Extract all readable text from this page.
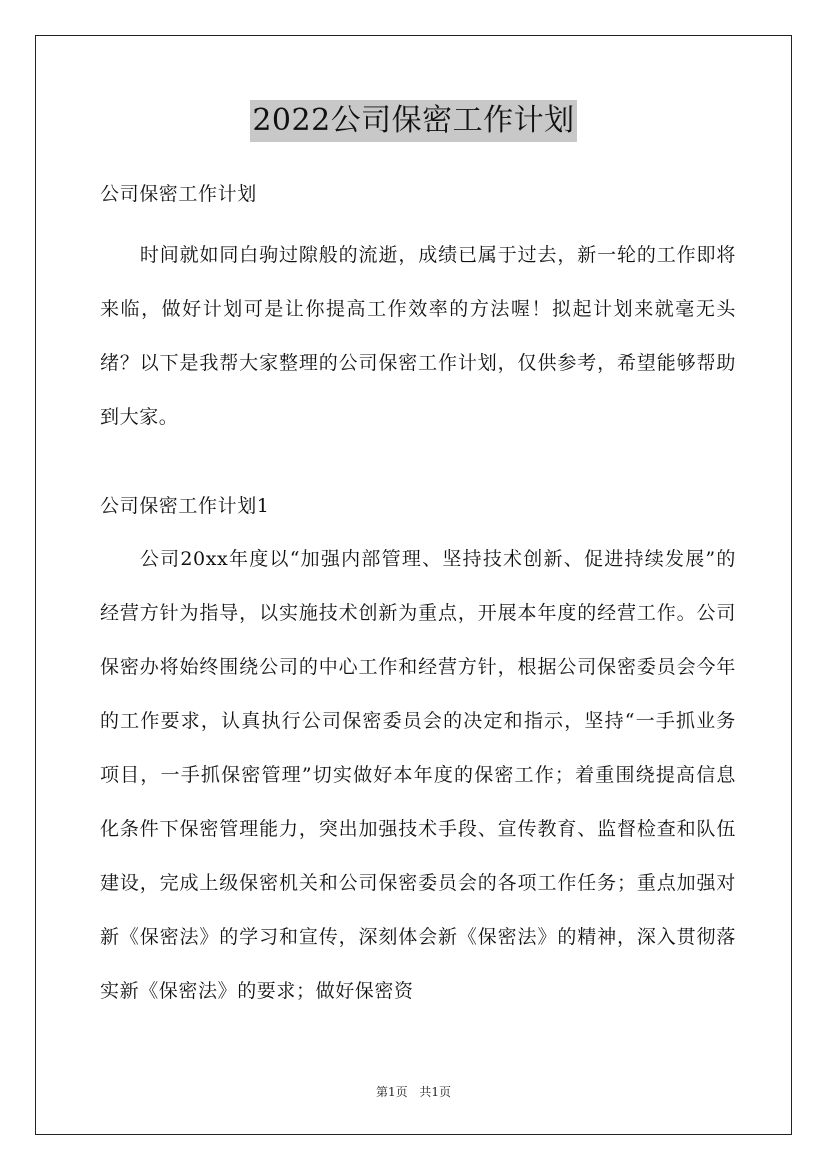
2022公司保密工作计划

公司保密工作计划

时间就如同白驹过隙般的流逝，成绩已属于过去，新一轮的工作即将来临，做好计划可是让你提高工作效率的方法喔！拟起计划来就毫无头绪？以下是我帮大家整理的公司保密工作计划，仅供参考，希望能够帮助到大家。

公司保密工作计划1

公司20xx年度以“加强内部管理、坚持技术创新、促进持续发展”的经营方针为指导，以实施技术创新为重点，开展本年度的经营工作。公司保密办将始终围绕公司的中心工作和经营方针，根据公司保密委员会今年的工作要求，认真执行公司保密委员会的决定和指示，坚持“一手抓业务项目，一手抓保密管理”切实做好本年度的保密工作；着重围绕提高信息化条件下保密管理能力，突出加强技术手段、宣传教育、监督检查和队伍建设，完成上级保密机关和公司保密委员会的各项工作任务；重点加强对新《保密法》的学习和宣传，深刻体会新《保密法》的精神，深入贯彻落实新《保密法》的要求；做好保密资

第1页 共1页
